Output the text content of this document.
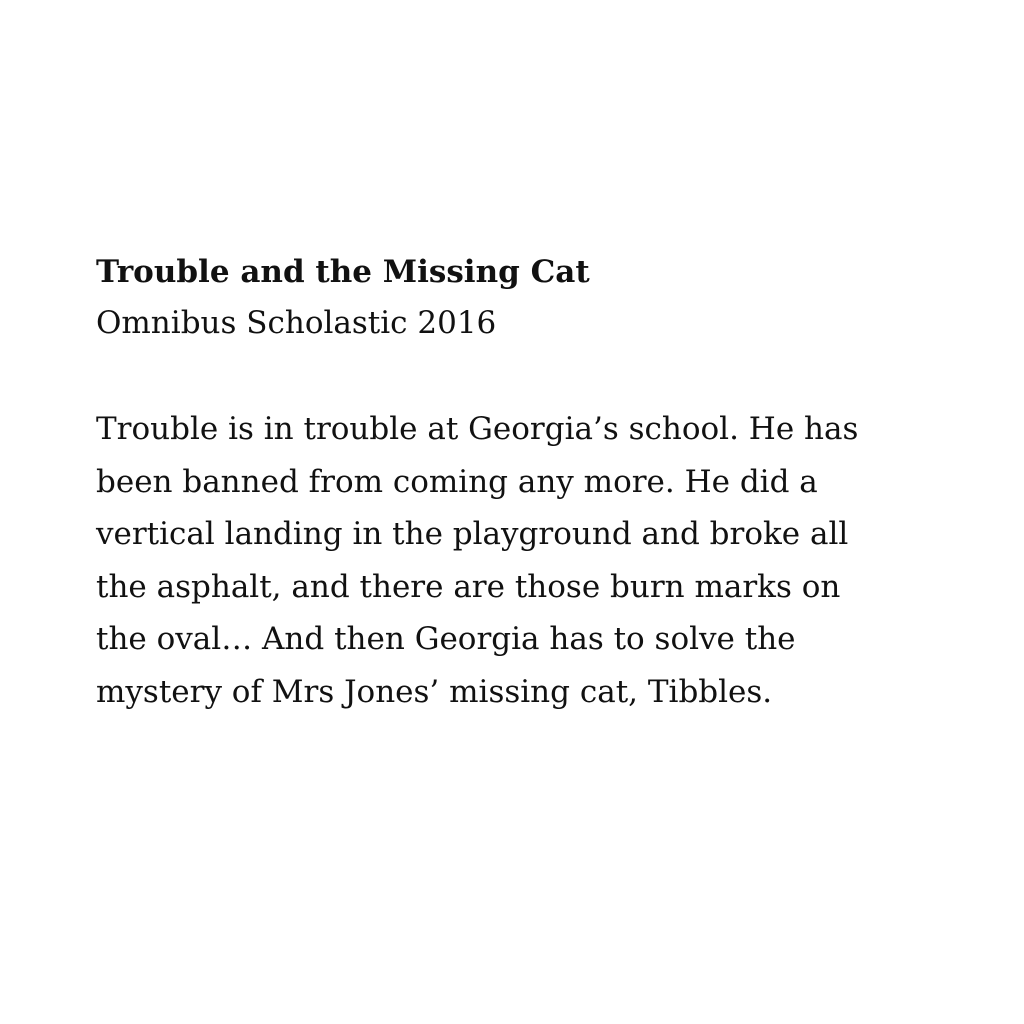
Trouble and the Missing Cat

Omnibus Scholastic 2016

Trouble is in trouble at Georgia’s school. He has
been banned from coming any more. He did a
vertical landing in the playground and broke all
the asphalt, and there are those burn marks on
the oval… And then Georgia has to solve the
mystery of Mrs Jones’ missing cat, Tibbles.
